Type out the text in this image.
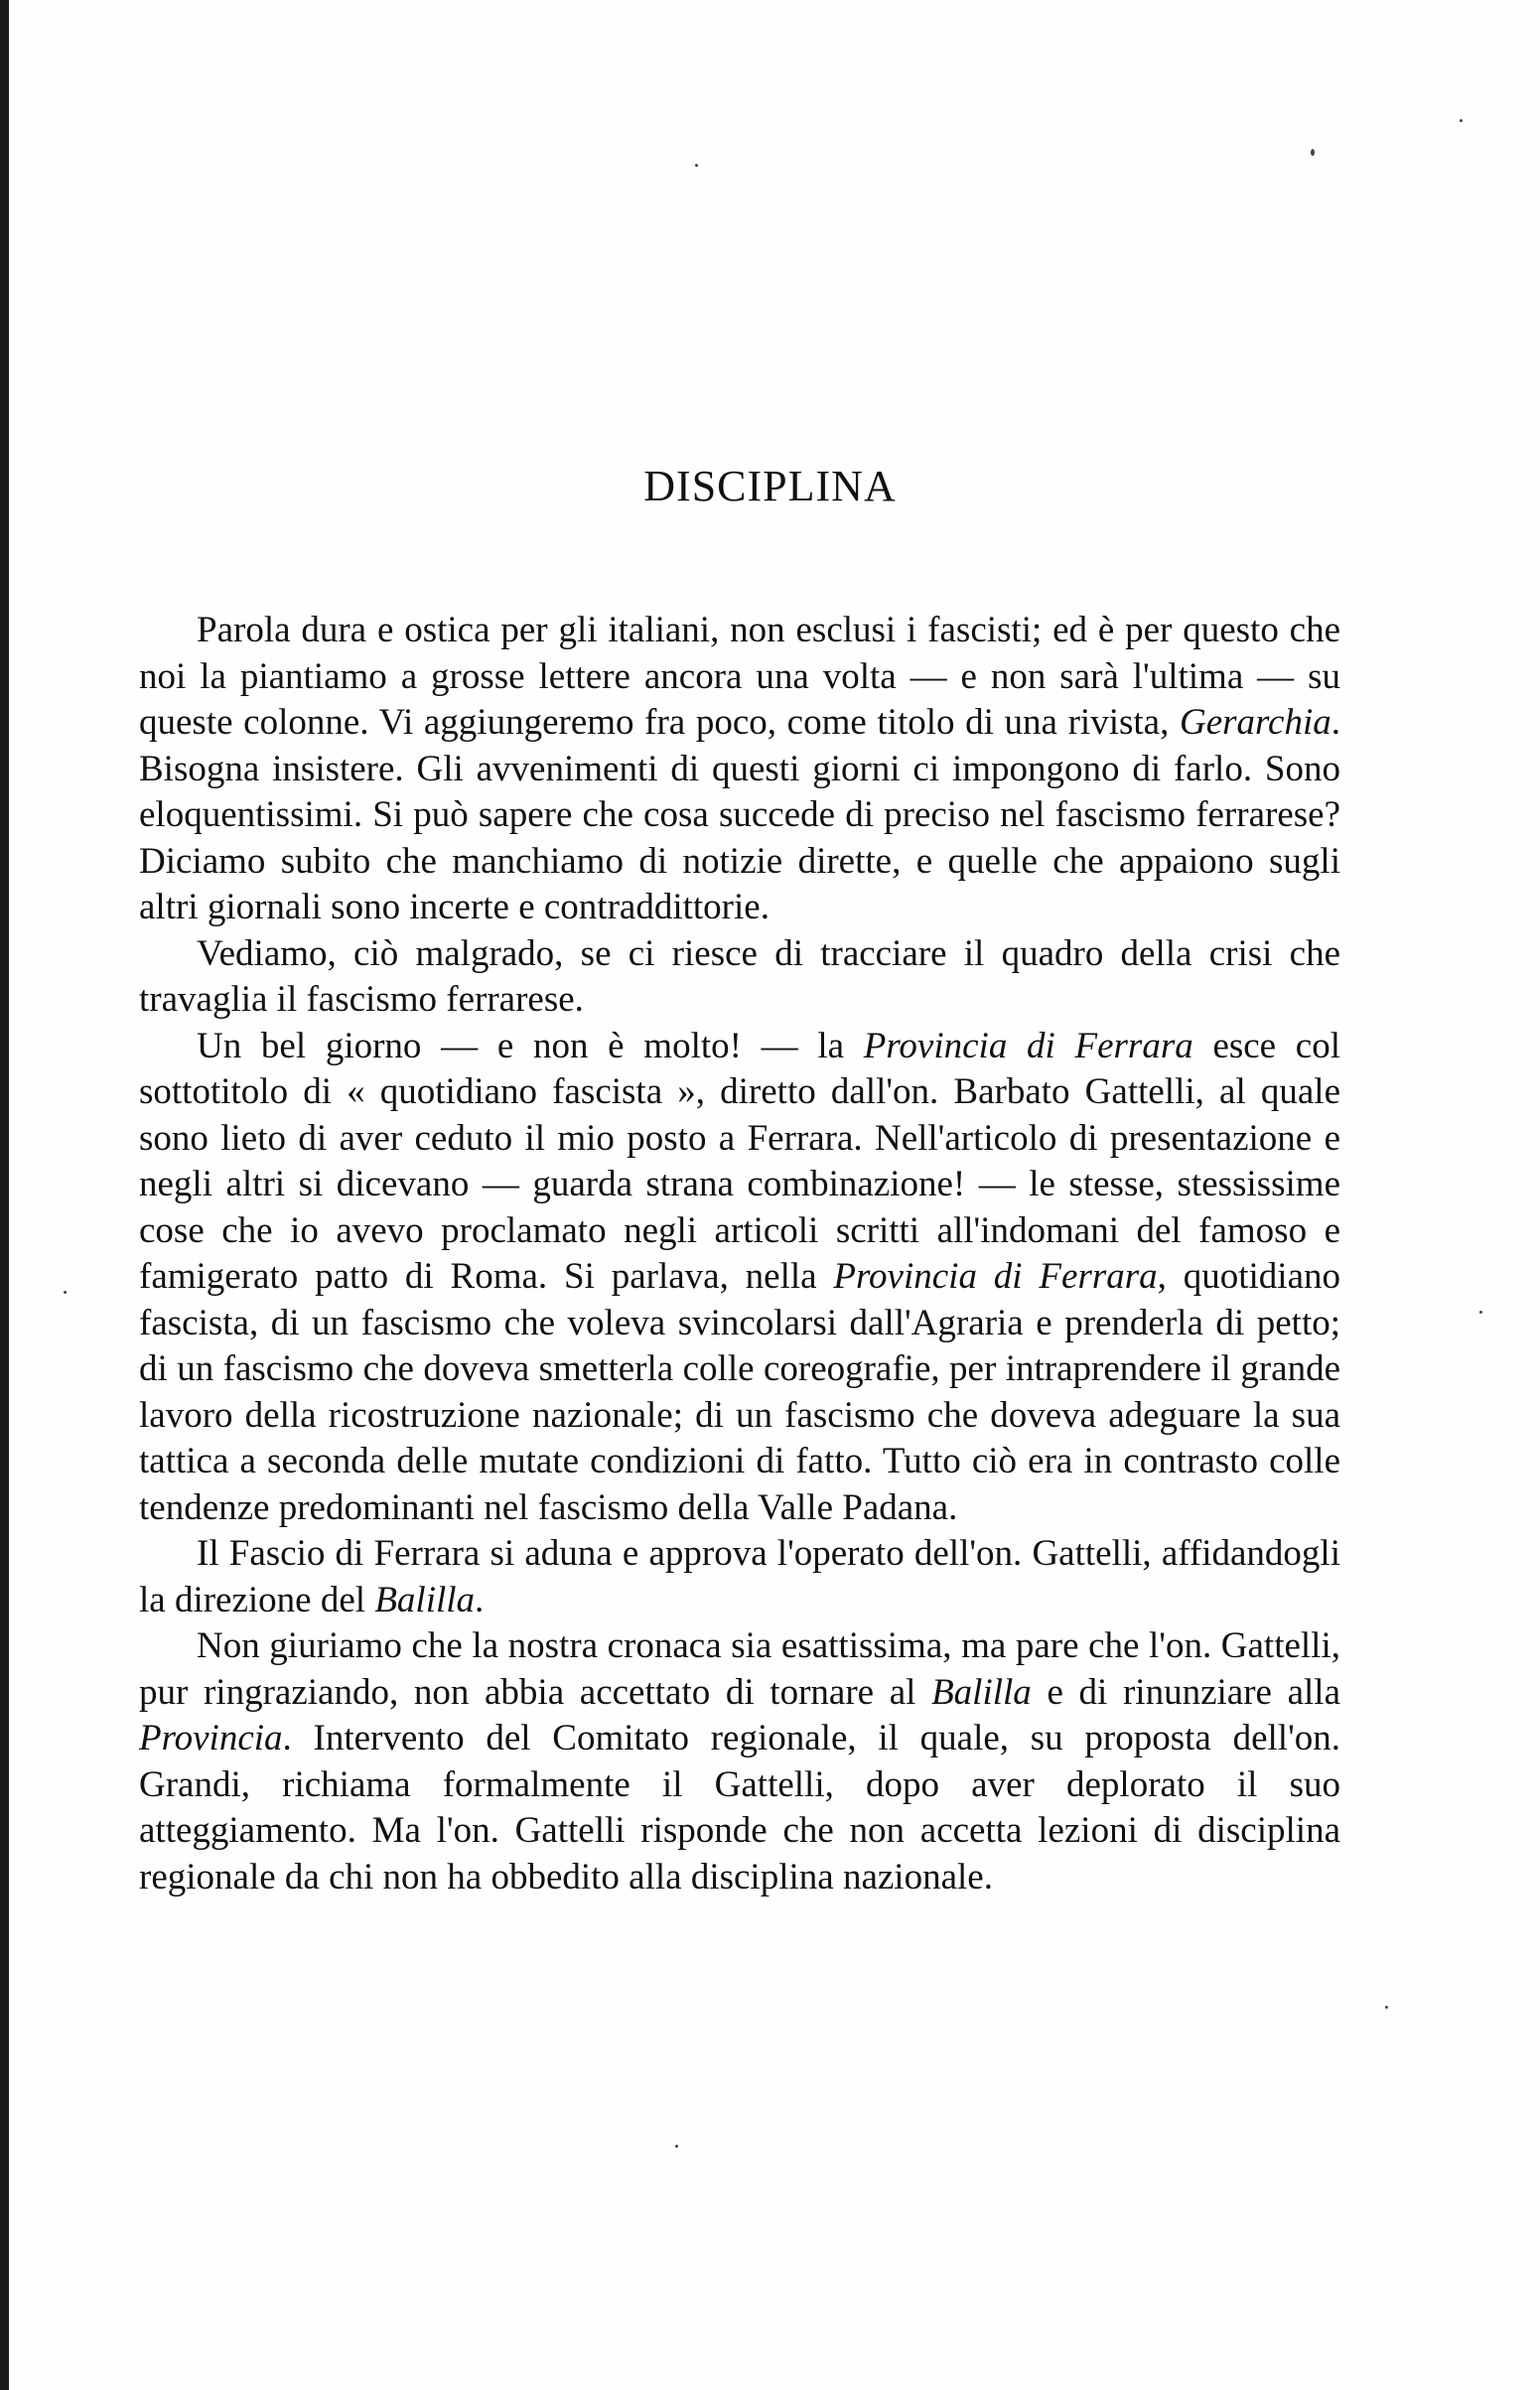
DISCIPLINA

Parola dura e ostica per gli italiani, non esclusi i fascisti; ed è per questo che noi la piantiamo a grosse lettere ancora una volta — e non sarà l'ultima — su queste colonne. Vi aggiungeremo fra poco, come titolo di una rivista, Gerarchia. Bisogna insistere. Gli avvenimenti di questi giorni ci impongono di farlo. Sono eloquentissimi. Si può sapere che cosa succede di preciso nel fascismo ferrarese? Diciamo subito che manchiamo di notizie dirette, e quelle che appaiono sugli altri giornali sono incerte e contraddittorie.

Vediamo, ciò malgrado, se ci riesce di tracciare il quadro della crisi che travaglia il fascismo ferrarese.

Un bel giorno — e non è molto! — la Provincia di Ferrara esce col sottotitolo di « quotidiano fascista », diretto dall'on. Barbato Gattelli, al quale sono lieto di aver ceduto il mio posto a Ferrara. Nell'articolo di presentazione e negli altri si dicevano — guarda strana combinazione! — le stesse, stessissime cose che io avevo proclamato negli articoli scritti all'indomani del famoso e famigerato patto di Roma. Si parlava, nella Provincia di Ferrara, quotidiano fascista, di un fascismo che voleva svincolarsi dall'Agraria e prenderla di petto; di un fascismo che doveva smetterla colle coreografie, per intraprendere il grande lavoro della ricostruzione nazionale; di un fascismo che doveva adeguare la sua tattica a seconda delle mutate condizioni di fatto. Tutto ciò era in contrasto colle tendenze predominanti nel fascismo della Valle Padana.

Il Fascio di Ferrara si aduna e approva l'operato dell'on. Gattelli, affidandogli la direzione del Balilla.

Non giuriamo che la nostra cronaca sia esattissima, ma pare che l'on. Gattelli, pur ringraziando, non abbia accettato di tornare al Balilla e di rinunziare alla Provincia. Intervento del Comitato regionale, il quale, su proposta dell'on. Grandi, richiama formalmente il Gattelli, dopo aver deplorato il suo atteggiamento. Ma l'on. Gattelli risponde che non accetta lezioni di disciplina regionale da chi non ha obbedito alla disciplina nazionale.
